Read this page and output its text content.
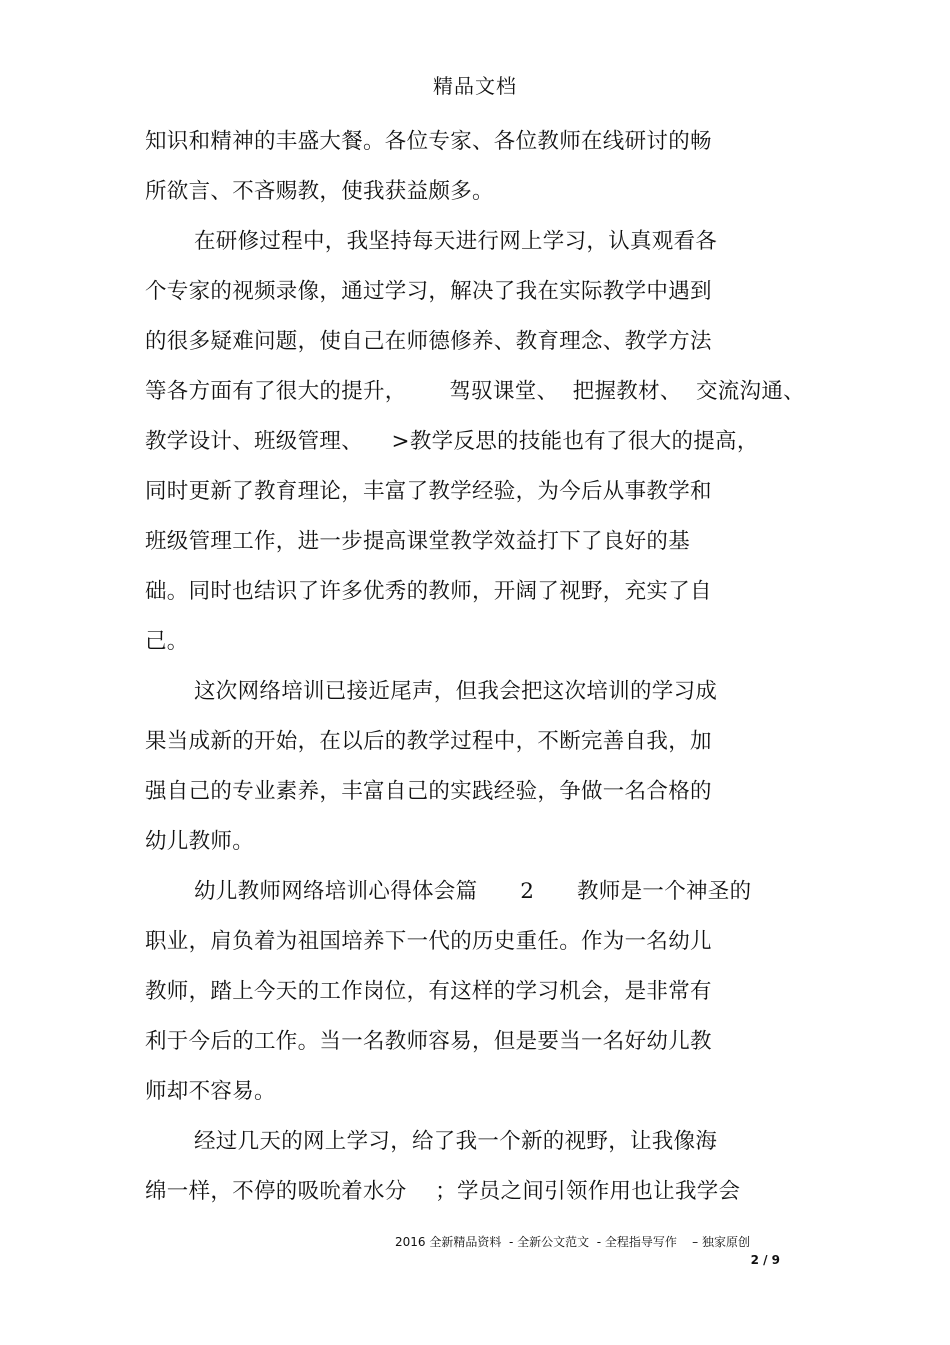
精品文档
知识和精神的丰盛大餐。各位专家、各位教师在线研讨的畅
所欲言、不吝赐教，使我获益颇多。
在研修过程中，我坚持每天进行网上学习，认真观看各
个专家的视频录像，通过学习，解决了我在实际教学中遇到
的很多疑难问题，使自己在师德修养、教育理念、教学方法
等各方面有了很大的提升，      驾驭课堂、  把握教材、  交流沟通、
教学设计、班级管理、    >教学反思的技能也有了很大的提高，
同时更新了教育理论，丰富了教学经验，为今后从事教学和
班级管理工作，进一步提高课堂教学效益打下了良好的基
础。同时也结识了许多优秀的教师，开阔了视野，充实了自
己。
这次网络培训已接近尾声，但我会把这次培训的学习成
果当成新的开始，在以后的教学过程中，不断完善自我，加
强自己的专业素养，丰富自己的实践经验，争做一名合格的
幼儿教师。
幼儿教师网络培训心得体会篇      2      教师是一个神圣的
职业，肩负着为祖国培养下一代的历史重任。作为一名幼儿
教师，踏上今天的工作岗位，有这样的学习机会，是非常有
利于今后的工作。当一名教师容易，但是要当一名好幼儿教
师却不容易。
经过几天的网上学习，给了我一个新的视野，让我像海
绵一样，不停的吸吮着水分    ；学员之间引领作用也让我学会
2016 全新精品资料  - 全新公文范文  - 全程指导写作    – 独家原创
2 / 9
